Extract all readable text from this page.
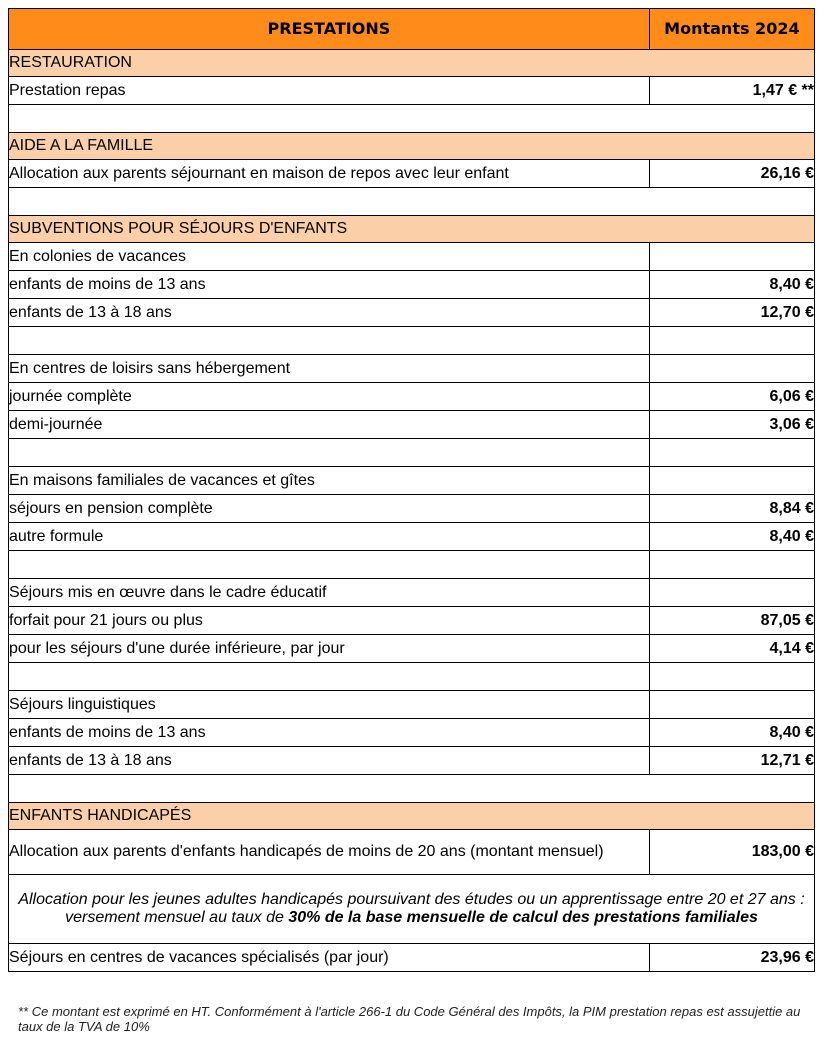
PRESTATIONS	Montants 2024
RESTAURATION	
Prestation repas	1,47 € **

AIDE A LA FAMILLE	
Allocation aux parents séjournant en maison de repos avec leur enfant	26,16 €

SUBVENTIONS POUR SÉJOURS D'ENFANTS	
En colonies de vacances	
enfants de moins de 13 ans	8,40 €
enfants de 13 à 18 ans	12,70 €

En centres de loisirs sans hébergement	
journée complète	6,06 €
demi-journée	3,06 €

En maisons familiales de vacances et gîtes	
séjours en pension complète	8,84 €
autre formule	8,40 €

Séjours mis en œuvre dans le cadre éducatif	
forfait pour 21 jours ou plus	87,05 €
pour les séjours d'une durée inférieure, par jour	4,14 €

Séjours linguistiques	
enfants de moins de 13 ans	8,40 €
enfants de 13 à 18 ans	12,71 €

ENFANTS HANDICAPÉS	
Allocation aux parents d'enfants handicapés de moins de 20 ans (montant mensuel)	183,00 €
Allocation pour les jeunes adultes handicapés poursuivant des études ou un apprentissage entre 20 et 27 ans : versement mensuel au taux de 30% de la base mensuelle de calcul des prestations familiales	
Séjours en centres de vacances spécialisés (par jour)	23,96 €
** Ce montant est exprimé en HT. Conformément à l'article 266-1 du Code Général des Impôts, la PIM prestation repas est assujettie au taux de la TVA de 10%
